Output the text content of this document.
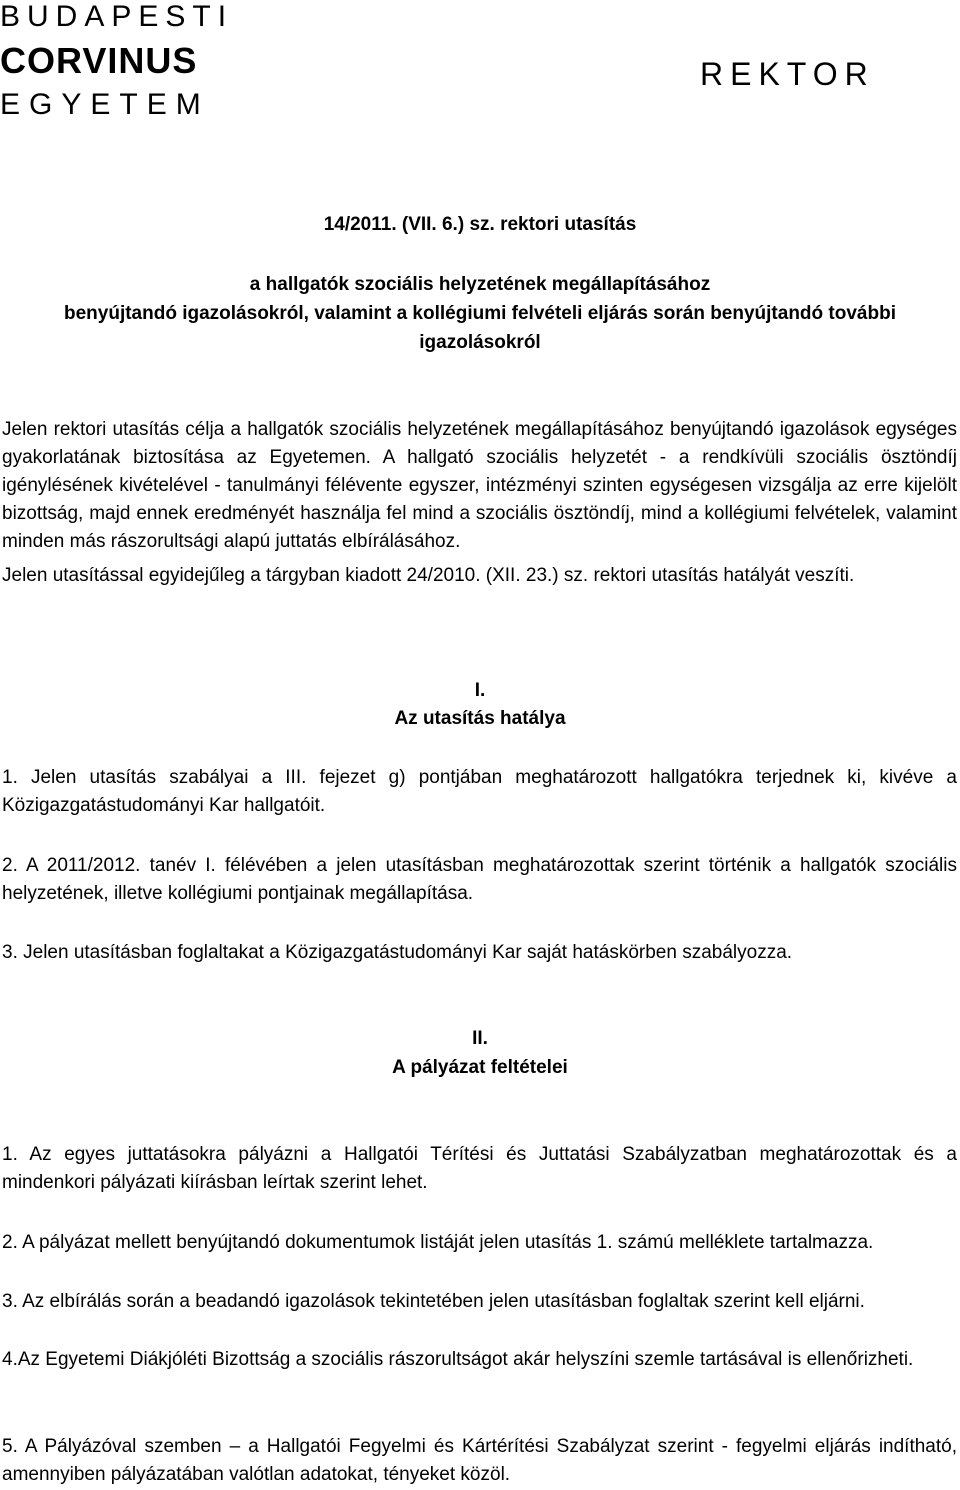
BUDAPESTI
CORVINUS
EGYETEM
REKTOR
14/2011. (VII. 6.) sz. rektori utasítás
a hallgatók szociális helyzetének megállapításához
benyújtandó igazolásokról, valamint a kollégiumi felvételi eljárás során benyújtandó további
igazolásokról
Jelen rektori utasítás célja a hallgatók szociális helyzetének megállapításához benyújtandó igazolások egységes gyakorlatának biztosítása az Egyetemen. A hallgató szociális helyzetét - a rendkívüli szociális ösztöndíj igénylésének kivételével - tanulmányi félévente egyszer, intézményi szinten egységesen vizsgálja az erre kijelölt bizottság, majd ennek eredményét használja fel mind a szociális ösztöndíj, mind a kollégiumi felvételek, valamint minden más rászorultsági alapú juttatás elbírálásához.
Jelen utasítással egyidejűleg a tárgyban kiadott 24/2010. (XII. 23.) sz. rektori utasítás hatályát veszíti.
I.
Az utasítás hatálya
1. Jelen utasítás szabályai a III. fejezet g) pontjában meghatározott hallgatókra terjednek ki, kivéve a Közigazgatástudományi Kar hallgatóit.
2. A 2011/2012. tanév I. félévében a jelen utasításban meghatározottak szerint történik a hallgatók szociális helyzetének, illetve kollégiumi pontjainak megállapítása.
3. Jelen utasításban foglaltakat a Közigazgatástudományi Kar saját hatáskörben szabályozza.
II.
A pályázat feltételei
1. Az egyes juttatásokra pályázni a Hallgatói Térítési és Juttatási Szabályzatban meghatározottak és a mindenkori pályázati kiírásban leírtak szerint lehet.
2. A pályázat mellett benyújtandó dokumentumok listáját jelen utasítás 1. számú melléklete tartalmazza.
3. Az elbírálás során a beadandó igazolások tekintetében jelen utasításban foglaltak szerint kell eljárni.
4.Az Egyetemi Diákjóléti Bizottság a szociális rászorultságot akár helyszíni szemle tartásával is ellenőrizheti.
5. A Pályázóval szemben – a Hallgatói Fegyelmi és Kártérítési Szabályzat szerint - fegyelmi eljárás indítható, amennyiben pályázatában valótlan adatokat, tényeket közöl.
